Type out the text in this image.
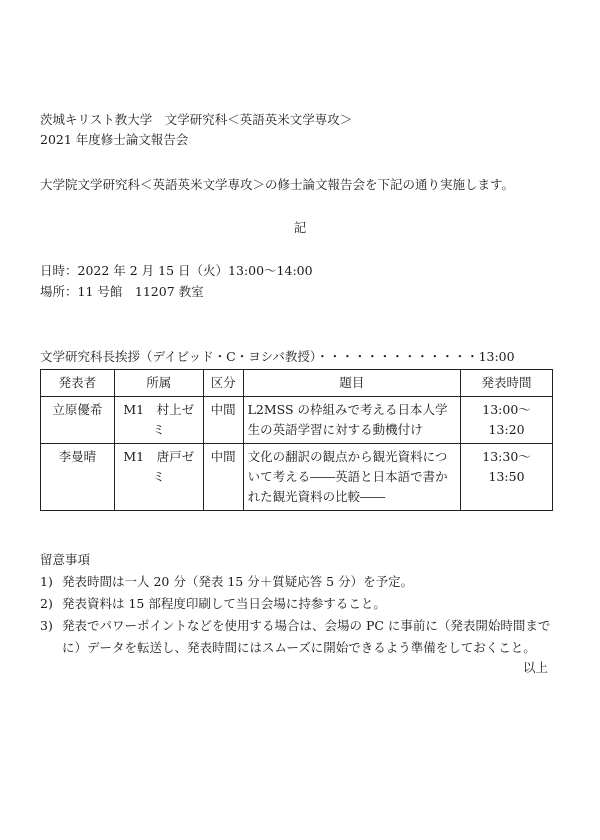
茨城キリスト教大学　文学研究科＜英語英米文学専攻＞
2021 年度修士論文報告会
大学院文学研究科＜英語英米文学専攻＞の修士論文報告会を下記の通り実施します。
記
日時：2022 年 2 月 15 日（火）13:00〜14:00
場所：11 号館　11207 教室
文学研究科長挨拶（デイビッド・C・ヨシバ教授）・・・・・・・・・・・・・13:00
発表者	所属	区分	題目	発表時間
立原優希	M1　村上ゼミ	中間	L2MSS の枠組みで考える日本人学生の英語学習に対する動機付け	13:00〜13:20
李曼晴	M1　唐戸ゼミ	中間	文化の翻訳の観点から観光資料について考える――英語と日本語で書かれた観光資料の比較――	13:30〜13:50
留意事項
1) 発表時間は一人 20 分（発表 15 分＋質疑応答 5 分）を予定。
2) 発表資料は 15 部程度印刷して当日会場に持参すること。
3) 発表でパワーポイントなどを使用する場合は、会場の PC に事前に（発表開始時間までに）データを転送し、発表時間にはスムーズに開始できるよう準備をしておくこと。
以上
